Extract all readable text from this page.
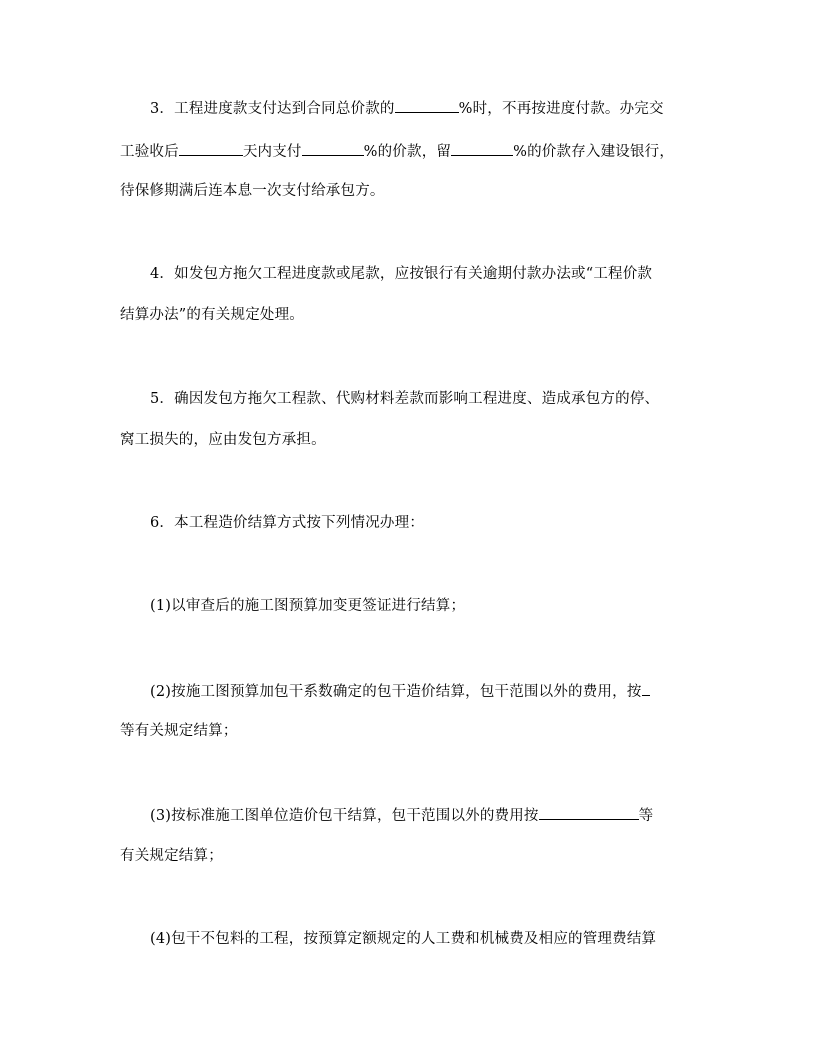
3．工程进度款支付达到合同总价款的	%时，不再按进度付款。办完交
工验收后	天内支付	%的价款，留	%的价款存入建设银行，
待保修期满后连本息一次支付给承包方。
4．如发包方拖欠工程进度款或尾款，应按银行有关逾期付款办法或“工程价款
结算办法”的有关规定处理。
5．确因发包方拖欠工程款、代购材料差款而影响工程进度、造成承包方的停、
窝工损失的，应由发包方承担。
6．本工程造价结算方式按下列情况办理：
(1)以审查后的施工图预算加变更签证进行结算；
(2)按施工图预算加包干系数确定的包干造价结算，包干范围以外的费用，按
等有关规定结算；
(3)按标准施工图单位造价包干结算，包干范围以外的费用按	等
有关规定结算；
(4)包干不包料的工程，按预算定额规定的人工费和机械费及相应的管理费结算
